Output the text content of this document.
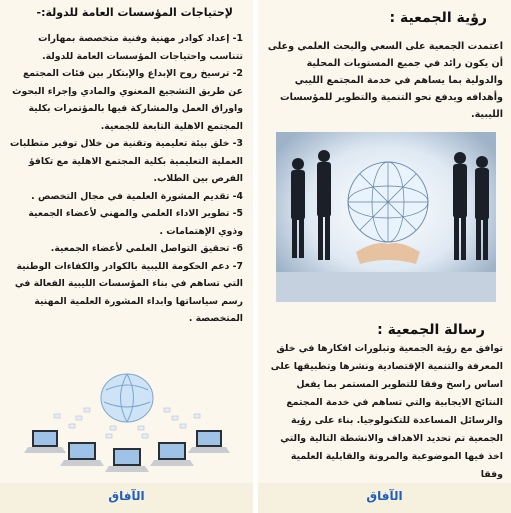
لإحتياجات المؤسسات العامة للدولة:-
1- إعداد كوادر مهنية وفنية متخصصة بمهارات تتناسب واحتياجات المؤسسات العامة للدولة.
2- ترسيخ روح الإبداع والإبتكار بين فئات المجتمع عن طريق التشجيع المعنوي والمادي وإجراء البحوث واوراق العمل والمشاركة فيها بالمؤتمرات بكلية المجتمع الاهلية التابعة للجمعية.
3- خلق بيئة تعليمية وتقنية من خلال توفير متطلبات العملية التعليمية بكلية المجتمع الاهلية مع تكافؤ الفرص بين الطلاب.
4- تقديم المشورة العلمية في مجال التخصص .
5- تطوير الاداء العلمي والمهني لأعضاء الجمعية وذوي الإهتمامات .
6- تحقيق التواصل العلمي لأعضاء الجمعية.
7- دعم الحكومة الليبية بالكوادر والكفاءات الوطنية التي تساهم في بناء المؤسسات الليبية الفعالة في رسم سياساتها وابداء المشورة العلمية المهنية المتخصصة .
الآفاق
رؤية الجمعية :
اعتمدت الجمعية على السعي والبحث العلمي وعلى أن يكون رائد في جميع المستويات المحلية والدولية بما يساهم في خدمة المجتمع الليبي وأهدافه ويدفع نحو التنمية والتطوير للمؤسسات الليبية.
رسالة الجمعية :
توافق مع رؤية الجمعية وتبلورات افكارها في خلق المعرفة والتنمية الإقتصادية ونشرها وتطبيقها على اساس راسخ وفقا للتطوير المستمر بما يفعل النتائج الايجابية والتي تساهم في خدمة المجتمع والرسائل المساعدة للتكنولوجيا. بناء على رؤية الجمعية تم تحديد الاهداف والانشطة التالية والتي اخذ فيها الموضوعية والمرونة والقابلية العلمية وفقا
الآفاق
